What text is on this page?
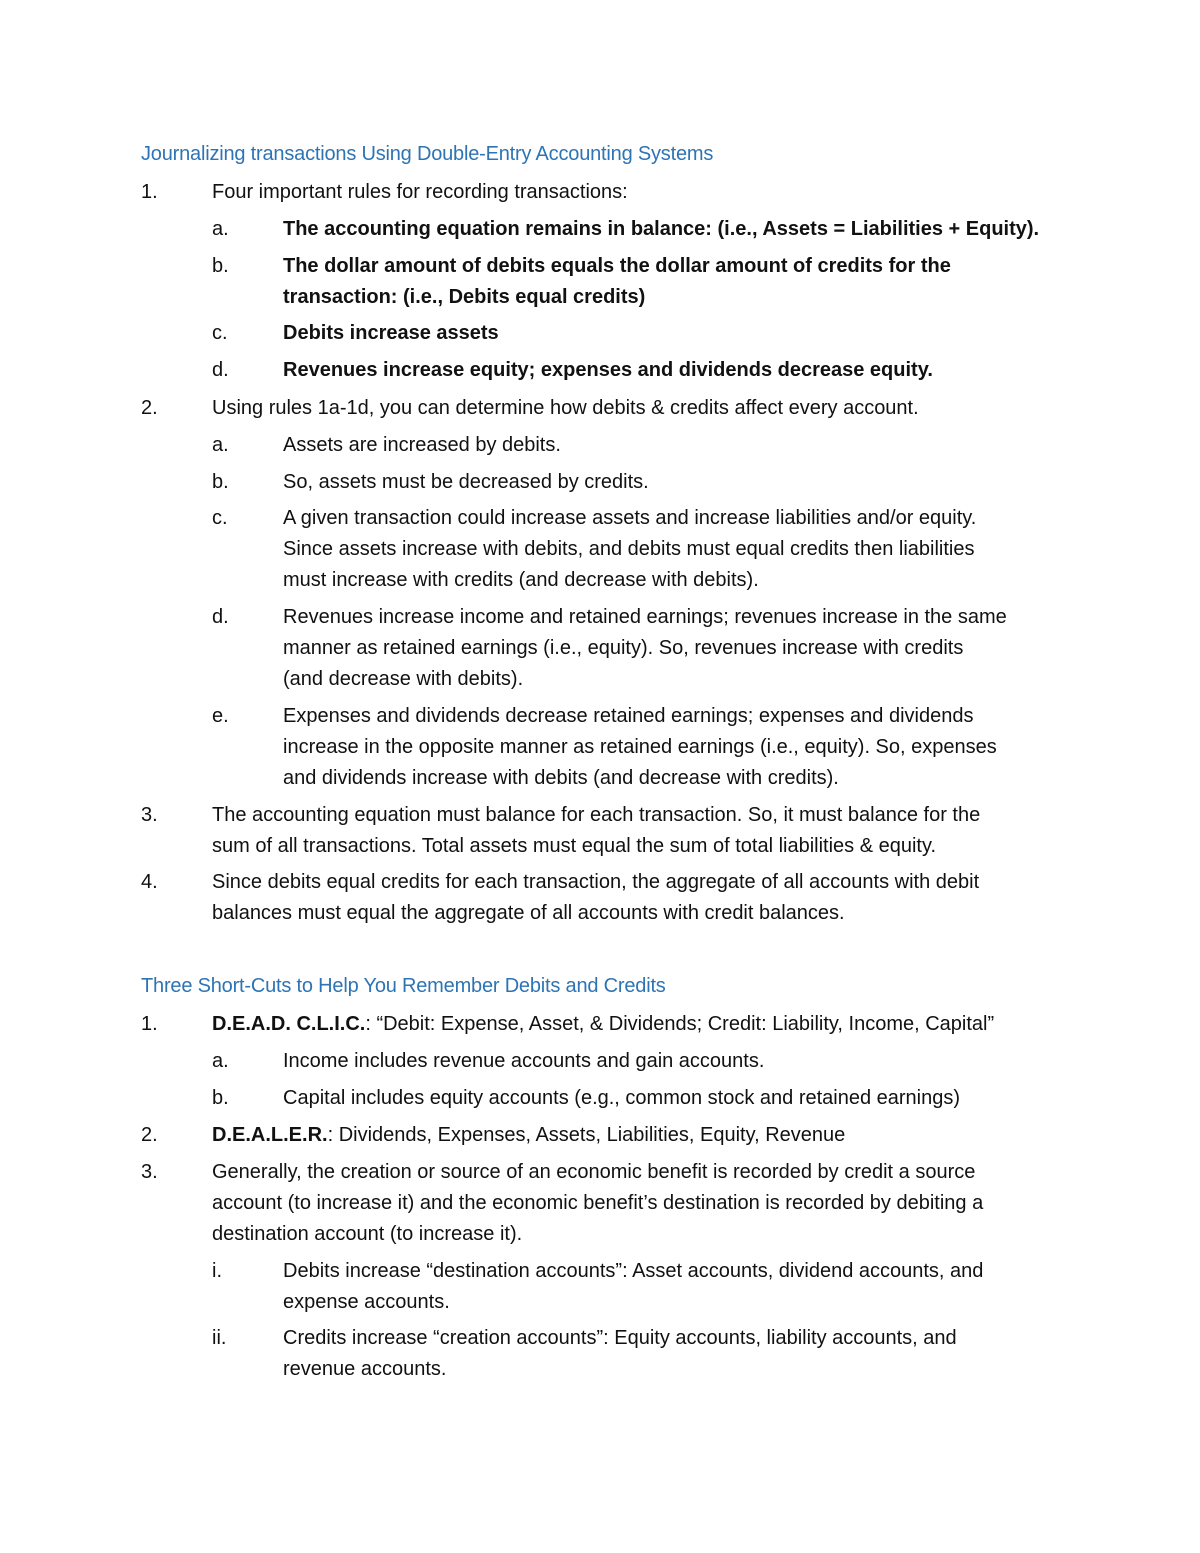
Journalizing transactions Using Double-Entry Accounting Systems
1.	Four important rules for recording transactions:
a.	The accounting equation remains in balance: (i.e., Assets = Liabilities + Equity).
b.	The dollar amount of debits equals the dollar amount of credits for the
transaction: (i.e., Debits equal credits)
c.	Debits increase assets
d.	Revenues increase equity; expenses and dividends decrease equity.
2.	Using rules 1a-1d, you can determine how debits & credits affect every account.
a.	Assets are increased by debits.
b.	So, assets must be decreased by credits.
c.	A given transaction could increase assets and increase liabilities and/or equity.
Since assets increase with debits, and debits must equal credits then liabilities
must increase with credits (and decrease with debits).
d.	Revenues increase income and retained earnings; revenues increase in the same
manner as retained earnings (i.e., equity). So, revenues increase with credits
(and decrease with debits).
e.	Expenses and dividends decrease retained earnings; expenses and dividends
increase in the opposite manner as retained earnings (i.e., equity). So, expenses
and dividends increase with debits (and decrease with credits).
3.	The accounting equation must balance for each transaction. So, it must balance for the
sum of all transactions. Total assets must equal the sum of total liabilities & equity.
4.	Since debits equal credits for each transaction, the aggregate of all accounts with debit
balances must equal the aggregate of all accounts with credit balances.
Three Short-Cuts to Help You Remember Debits and Credits
1.	D.E.A.D. C.L.I.C.: “Debit: Expense, Asset, & Dividends; Credit: Liability, Income, Capital”
a.	Income includes revenue accounts and gain accounts.
b.	Capital includes equity accounts (e.g., common stock and retained earnings)
2.	D.E.A.L.E.R.: Dividends, Expenses, Assets, Liabilities, Equity, Revenue
3.	Generally, the creation or source of an economic benefit is recorded by credit a source
account (to increase it) and the economic benefit’s destination is recorded by debiting a
destination account (to increase it).
i.	Debits increase “destination accounts”: Asset accounts, dividend accounts, and
expense accounts.
ii.	Credits increase “creation accounts”: Equity accounts, liability accounts, and
revenue accounts.
